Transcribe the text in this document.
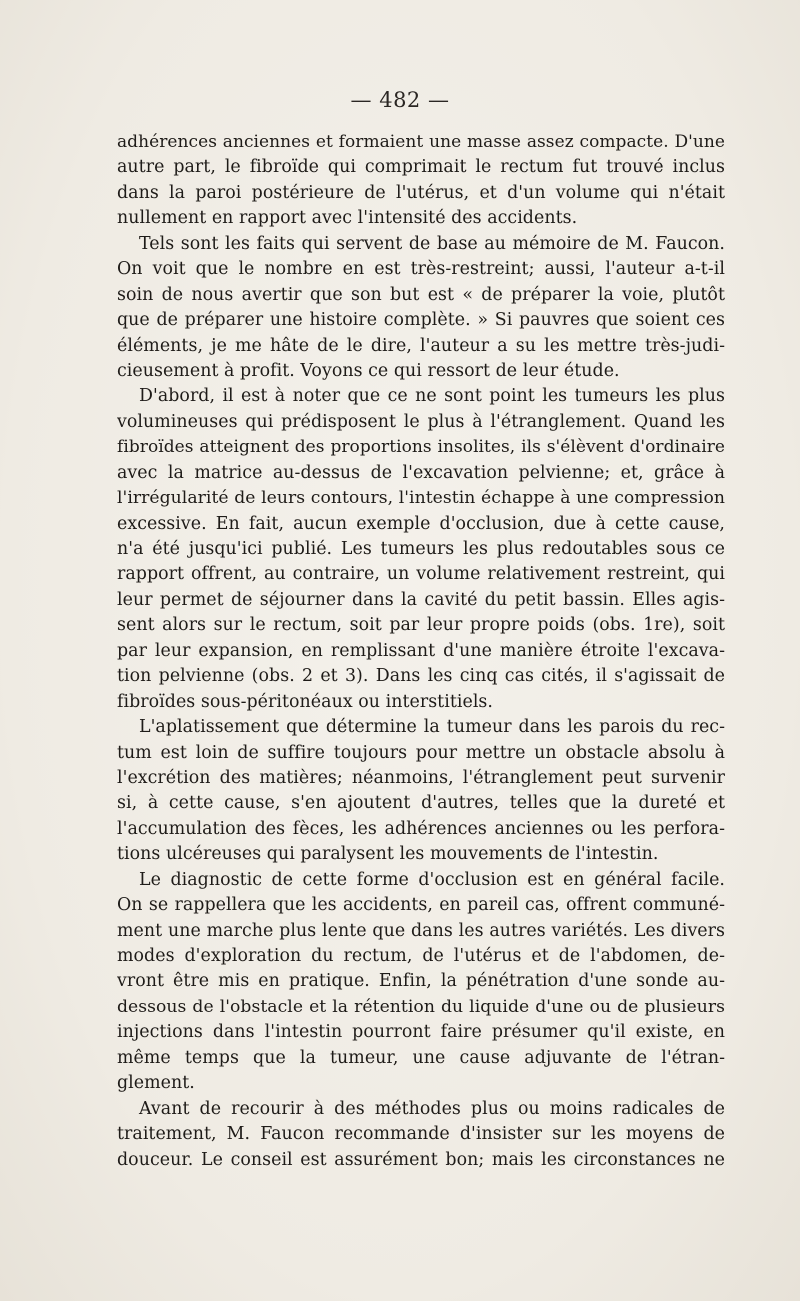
— 482 —
adhérences anciennes et formaient une masse assez compacte. D'une
autre part, le fibroïde qui comprimait le rectum fut trouvé inclus
dans la paroi postérieure de l'utérus, et d'un volume qui n'était
nullement en rapport avec l'intensité des accidents.
Tels sont les faits qui servent de base au mémoire de M. Faucon.
On voit que le nombre en est très-restreint; aussi, l'auteur a-t-il
soin de nous avertir que son but est « de préparer la voie, plutôt
que de préparer une histoire complète. » Si pauvres que soient ces
éléments, je me hâte de le dire, l'auteur a su les mettre très-judi-
cieusement à profit. Voyons ce qui ressort de leur étude.
D'abord, il est à noter que ce ne sont point les tumeurs les plus
volumineuses qui prédisposent le plus à l'étranglement. Quand les
fibroïdes atteignent des proportions insolites, ils s'élèvent d'ordinaire
avec la matrice au-dessus de l'excavation pelvienne; et, grâce à
l'irrégularité de leurs contours, l'intestin échappe à une compression
excessive. En fait, aucun exemple d'occlusion, due à cette cause,
n'a été jusqu'ici publié. Les tumeurs les plus redoutables sous ce
rapport offrent, au contraire, un volume relativement restreint, qui
leur permet de séjourner dans la cavité du petit bassin. Elles agis-
sent alors sur le rectum, soit par leur propre poids (obs. 1re), soit
par leur expansion, en remplissant d'une manière étroite l'excava-
tion pelvienne (obs. 2 et 3). Dans les cinq cas cités, il s'agissait de
fibroïdes sous-péritonéaux ou interstitiels.
L'aplatissement que détermine la tumeur dans les parois du rec-
tum est loin de suffire toujours pour mettre un obstacle absolu à
l'excrétion des matières; néanmoins, l'étranglement peut survenir
si, à cette cause, s'en ajoutent d'autres, telles que la dureté et
l'accumulation des fèces, les adhérences anciennes ou les perfora-
tions ulcéreuses qui paralysent les mouvements de l'intestin.
Le diagnostic de cette forme d'occlusion est en général facile.
On se rappellera que les accidents, en pareil cas, offrent communé-
ment une marche plus lente que dans les autres variétés. Les divers
modes d'exploration du rectum, de l'utérus et de l'abdomen, de-
vront être mis en pratique. Enfin, la pénétration d'une sonde au-
dessous de l'obstacle et la rétention du liquide d'une ou de plusieurs
injections dans l'intestin pourront faire présumer qu'il existe, en
même temps que la tumeur, une cause adjuvante de l'étran-
glement.
Avant de recourir à des méthodes plus ou moins radicales de
traitement, M. Faucon recommande d'insister sur les moyens de
douceur. Le conseil est assurément bon; mais les circonstances ne
